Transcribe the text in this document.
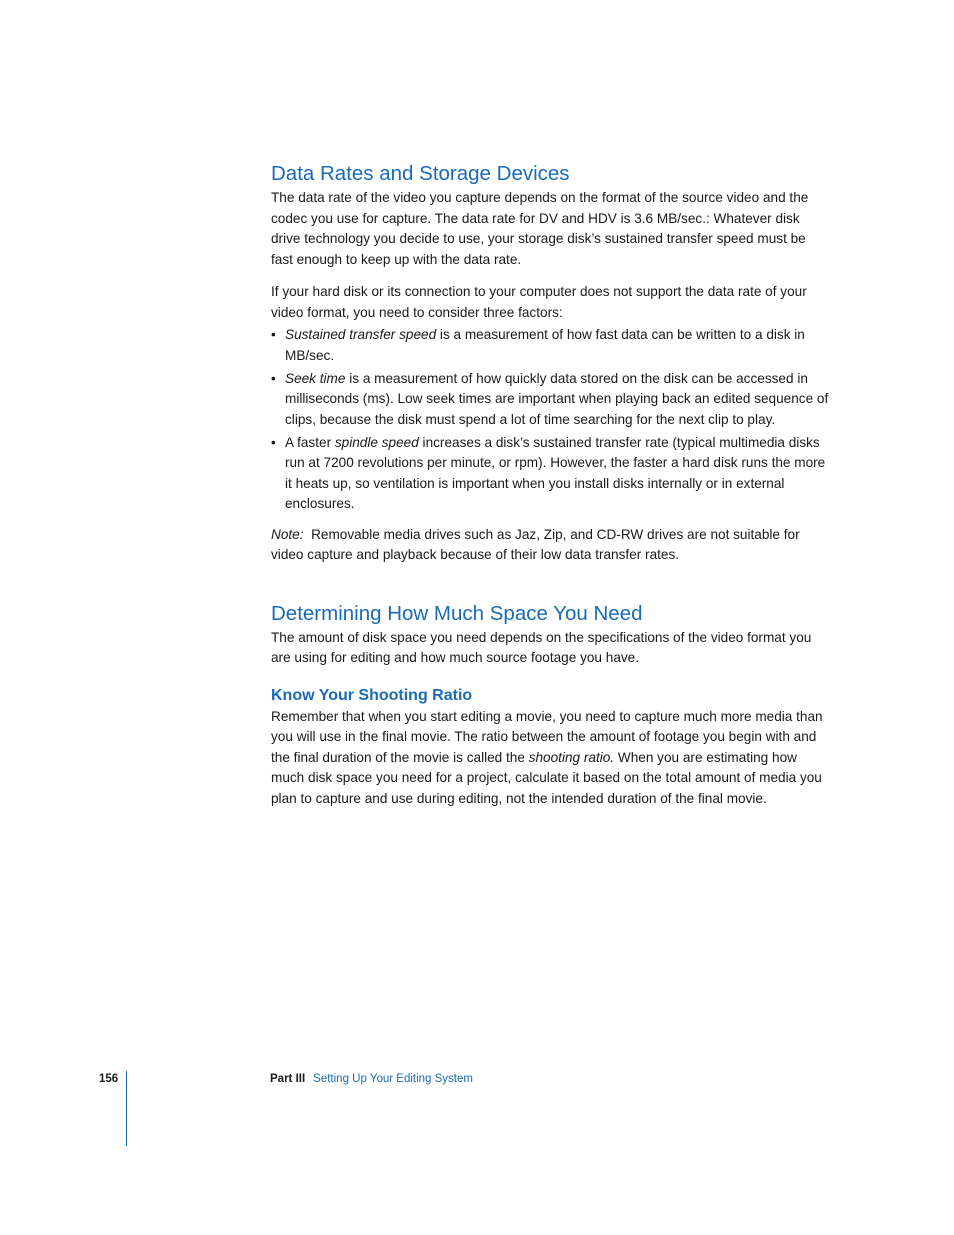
Data Rates and Storage Devices

The data rate of the video you capture depends on the format of the source video and the codec you use for capture. The data rate for DV and HDV is 3.6 MB/sec.: Whatever disk drive technology you decide to use, your storage disk’s sustained transfer speed must be fast enough to keep up with the data rate.

If your hard disk or its connection to your computer does not support the data rate of your video format, you need to consider three factors:

• Sustained transfer speed is a measurement of how fast data can be written to a disk in MB/sec.
• Seek time is a measurement of how quickly data stored on the disk can be accessed in milliseconds (ms). Low seek times are important when playing back an edited sequence of clips, because the disk must spend a lot of time searching for the next clip to play.
• A faster spindle speed increases a disk’s sustained transfer rate (typical multimedia disks run at 7200 revolutions per minute, or rpm). However, the faster a hard disk runs the more it heats up, so ventilation is important when you install disks internally or in external enclosures.

Note: Removable media drives such as Jaz, Zip, and CD-RW drives are not suitable for video capture and playback because of their low data transfer rates.

Determining How Much Space You Need

The amount of disk space you need depends on the specifications of the video format you are using for editing and how much source footage you have.

Know Your Shooting Ratio

Remember that when you start editing a movie, you need to capture much more media than you will use in the final movie. The ratio between the amount of footage you begin with and the final duration of the movie is called the shooting ratio. When you are estimating how much disk space you need for a project, calculate it based on the total amount of media you plan to capture and use during editing, not the intended duration of the final movie.

156	Part III Setting Up Your Editing System
